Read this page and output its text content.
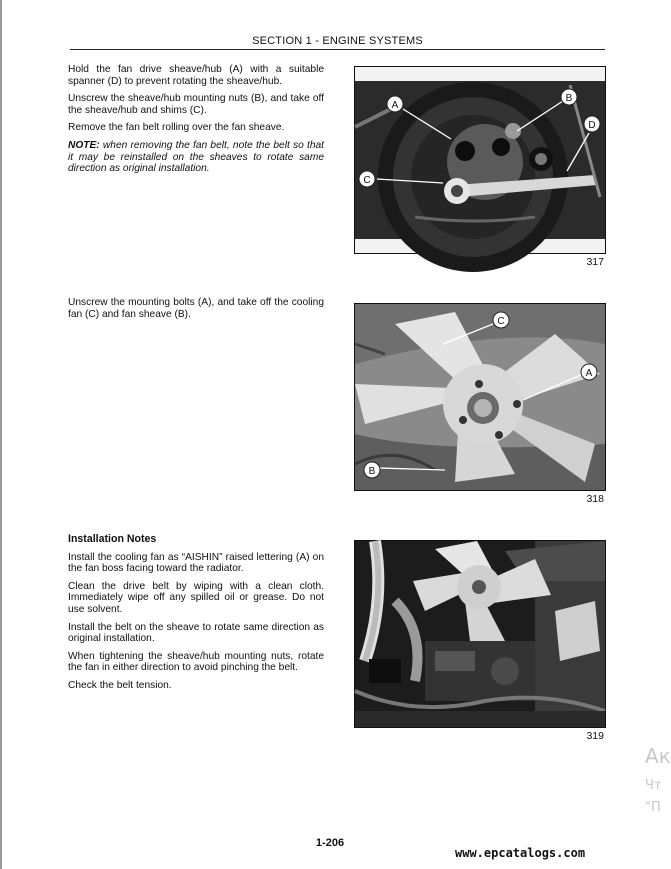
SECTION 1 - ENGINE SYSTEMS

Hold the fan drive sheave/hub (A) with a suitable spanner (D) to prevent rotating the sheave/hub.

Unscrew the sheave/hub mounting nuts (B), and take off the sheave/hub and shims (C).

Remove the fan belt rolling over the fan sheave.

NOTE: when removing the fan belt, note the belt so that it may be reinstalled on the sheaves to rotate same direction as original installation.

A
B
C
D
317

Unscrew the mounting bolts (A), and take off the cooling fan (C) and fan sheave (B).

C
A
B
318
Installation Notes

Install the cooling fan as “AISHIN” raised lettering (A) on the fan boss facing toward the radiator.

Clean the drive belt by wiping with a clean cloth. Immediately wipe off any spilled oil or grease. Do not use solvent.

Install the belt on the sheave to rotate same direction as original installation.

When tightening the sheave/hub mounting nuts, rotate the fan in either direction to avoid pinching the belt.

Check the belt tension.

319
1-206
www.epcatalogs.com
Ак
Чт
"П
